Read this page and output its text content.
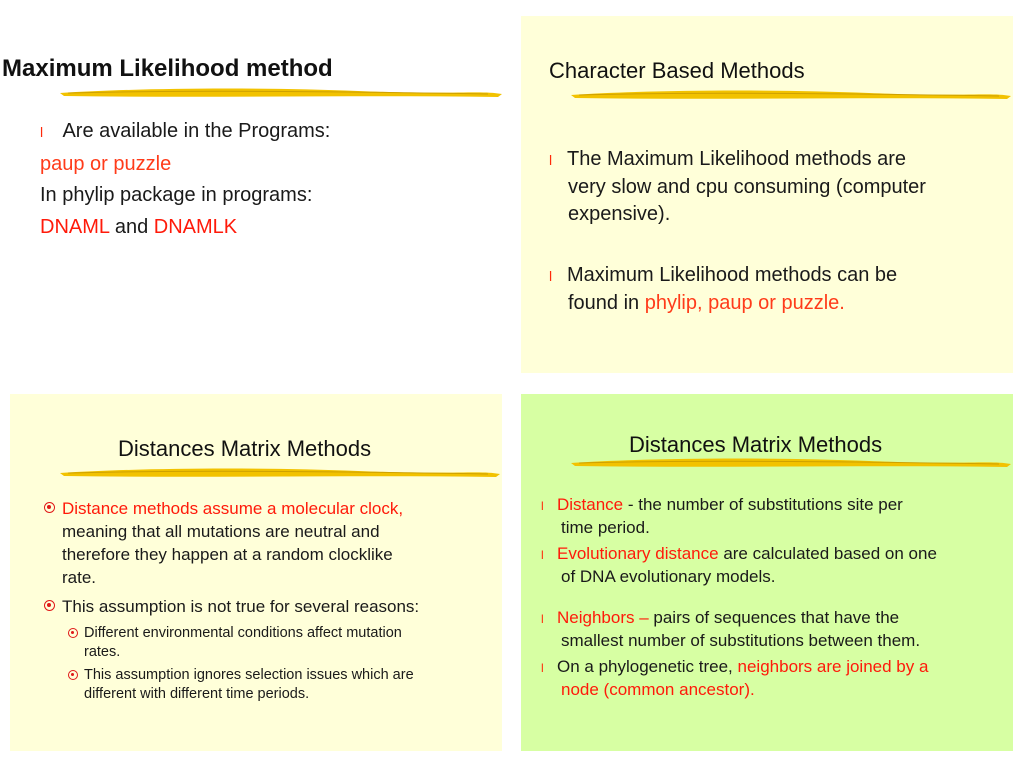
Maximum Likelihood method
l Are available in the Programs:
paup or puzzle
In phylip package in programs:
DNAML and DNAMLK
Character Based Methods
l The Maximum Likelihood methods are
very slow and cpu consuming (computer
expensive).
l Maximum Likelihood methods can be
found in phylip, paup or puzzle.
Distances Matrix Methods
Distance methods assume a molecular clock,
meaning that all mutations are neutral and
therefore they happen at a random clocklike
rate.
This assumption is not true for several reasons:
Different environmental conditions affect mutation
rates.
This assumption ignores selection issues which are
different with different time periods.
Distances Matrix Methods
l Distance - the number of substitutions site per
time period.
l Evolutionary distance are calculated based on one
of DNA evolutionary models.
l Neighbors – pairs of sequences that have the
smallest number of substitutions between them.
l On a phylogenetic tree, neighbors are joined by a
node (common ancestor).
